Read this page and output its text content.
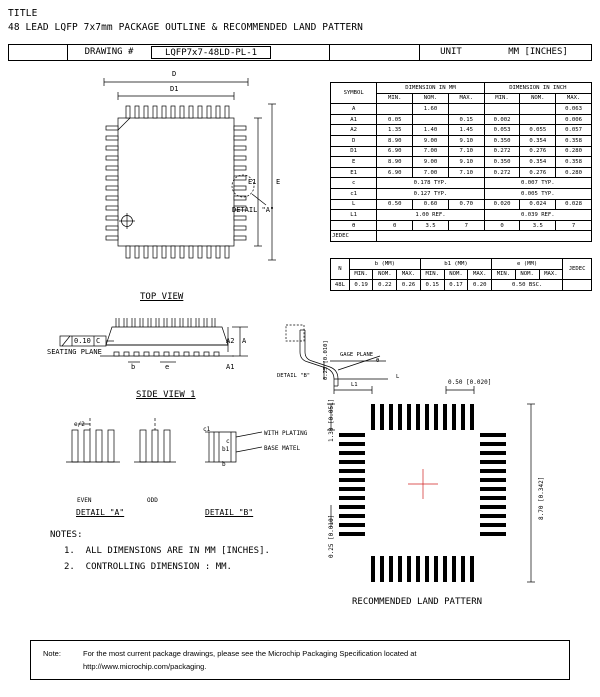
TITLE
48 LEAD LQFP 7x7mm PACKAGE OUTLINE & RECOMMENDED LAND PATTERN
DRAWING #	LQFP7x7-48LD-PL-1	UNIT	MM [INCHES]
SYMBOL	DIMENSION IN MM			DIMENSION IN INCH		
	MIN.	NOM.	MAX.	MIN.	NOM.	MAX.
A		1.60				0.063
A1	0.05		0.15	0.002		0.006
A2	1.35	1.40	1.45	0.053	0.055	0.057
D	8.90	9.00	9.10	0.350	0.354	0.358
D1	6.90	7.00	7.10	0.272	0.276	0.280
E	8.90	9.00	9.10	0.350	0.354	0.358
E1	6.90	7.00	7.10	0.272	0.276	0.280
c	0.178 TYP.			0.007 TYP.		
c1	0.127 TYP.			0.005 TYP.		
L	0.50	0.60	0.70	0.020	0.024	0.028
L1	1.00 REF.			0.039 REF.		
θ	0	3.5	7	0	3.5	7
JEDEC						
N	b (MM)			b1 (MM)			e (MM)			JEDEC
	MIN.	NOM.	MAX.	MIN.	NOM.	MAX.	MIN.	NOM.	MAX.	
48L	0.19	0.22	0.26	0.15	0.17	0.20	0.50 BSC.			
D
D1
E
E1
DETAIL "A"
TOP VIEW
SEATING PLANE
0.10 C	A
A2
A1
b	e
SIDE VIEW 1
DETAIL "B"
GAGE PLANE
0.25 [0.010]	θ
L1
L
e/2
EVEN	ODD
DETAIL "A"	DETAIL "B"
c1
b1
b
c
WITH PLATING
BASE MATEL
0.50 [0.020]
8.70 [0.342]
1.30 [0.051]
0.25 [0.010]
RECOMMENDED LAND PATTERN
NOTES:
1.  ALL DIMENSIONS ARE IN MM [INCHES].
2.  CONTROLLING DIMENSION : MM.
Note:	For the most current package drawings, please see the Microchip Packaging Specification located at
http://www.microchip.com/packaging.
